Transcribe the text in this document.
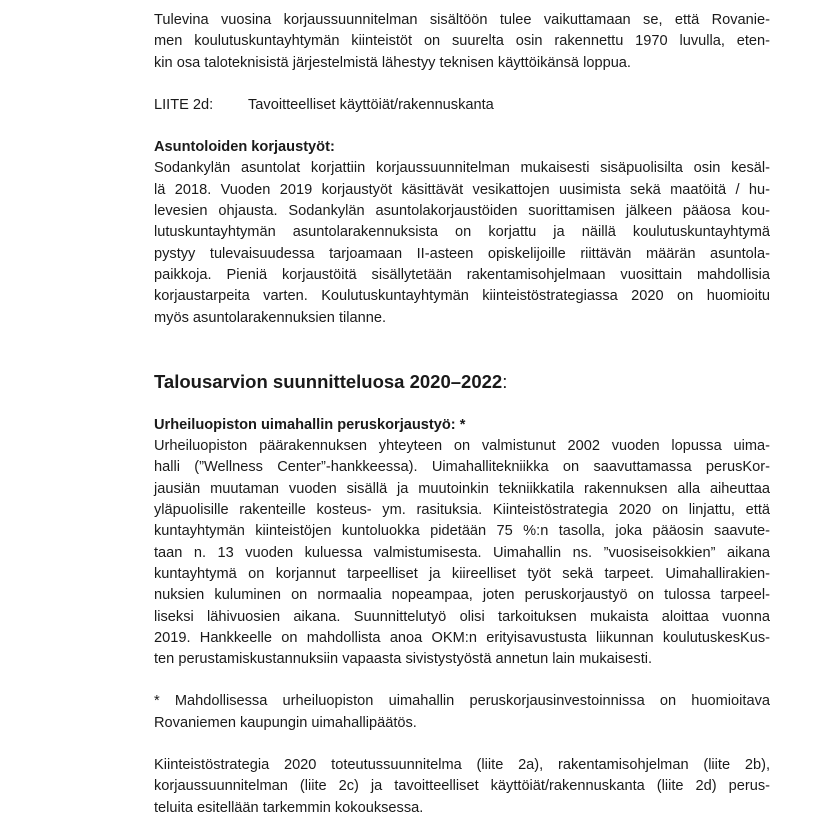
Tulevina vuosina korjaussuunnitelman sisältöön tulee vaikuttamaan se, että Rovanie-
men koulutuskuntayhtymän kiinteistöt on suurelta osin rakennettu 1970 luvulla, eten-
kin osa taloteknisistä järjestelmistä lähestyy teknisen käyttöikänsä loppua.

LIITE 2d: Tavoitteelliset käyttöiät/rakennuskanta
Asuntoloiden korjaustyöt:

Sodankylän asuntolat korjattiin korjaussuunnitelman mukaisesti sisäpuolisilta osin kesäl-
lä 2018. Vuoden 2019 korjaustyöt käsittävät vesikattojen uusimista sekä maatöitä / hu-
levesien ohjausta. Sodankylän asuntolakorjaustöiden suorittamisen jälkeen pääosa kou-
lutuskuntayhtymän asuntolarakennuksista on korjattu ja näillä koulutuskuntayhtymä
pystyy tulevaisuudessa tarjoamaan II-asteen opiskelijoille riittävän määrän asuntola-
paikkoja. Pieniä korjaustöitä sisällytetään rakentamisohjelmaan vuosittain mahdollisia
korjaustarpeita varten. Koulutuskuntayhtymän kiinteistöstrategiassa 2020 on huomioitu
myös asuntolarakennuksien tilanne.

Talousarvion suunnitteluosa 2020–2022:
Urheiluopiston uimahallin peruskorjaustyö: *

Urheiluopiston päärakennuksen yhteyteen on valmistunut 2002 vuoden lopussa uima-
halli (”Wellness Center”-hankkeessa). Uimahallitekniikka on saavuttamassa perusKor-
jausiän muutaman vuoden sisällä ja muutoinkin tekniikkatila rakennuksen alla aiheuttaa
yläpuolisille rakenteille kosteus- ym. rasituksia. Kiinteistöstrategia 2020 on linjattu, että
kuntayhtymän kiinteistöjen kuntoluokka pidetään 75 %:n tasolla, joka pääosin saavute-
taan n. 13 vuoden kuluessa valmistumisesta. Uimahallin ns. ”vuosiseisokkien” aikana
kuntayhtymä on korjannut tarpeelliset ja kiireelliset työt sekä tarpeet. Uimahallirakien-
nuksien kuluminen on normaalia nopeampaa, joten peruskorjaustyö on tulossa tarpeel-
liseksi lähivuosien aikana. Suunnittelutyö olisi tarkoituksen mukaista aloittaa vuonna
2019. Hankkeelle on mahdollista anoa OKM:n erityisavustusta liikunnan koulutuskesKus-
ten perustamiskustannuksiin vapaasta sivistystyöstä annetun lain mukaisesti.

* Mahdollisessa urheiluopiston uimahallin peruskorjausinvestoinnissa on huomioitava
Rovaniemen kaupungin uimahallipäätös.

Kiinteistöstrategia 2020 toteutussuunnitelma (liite 2a), rakentamisohjelman (liite 2b),
korjaussuunnitelman (liite 2c) ja tavoitteelliset käyttöiät/rakennuskanta (liite 2d) perus-
teluita esitellään tarkemmin kokouksessa.
